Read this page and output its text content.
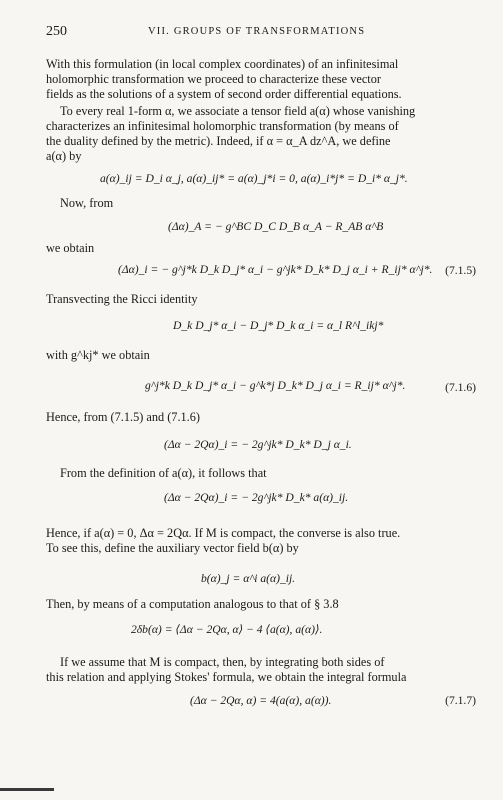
250	VII. GROUPS OF TRANSFORMATIONS
With this formulation (in local complex coordinates) of an infinitesimal
holomorphic transformation we proceed to characterize these vector
fields as the solutions of a system of second order differential equations.
To every real 1-form α, we associate a tensor field a(α) whose vanishing
characterizes an infinitesimal holomorphic transformation (by means of
the duality defined by the metric). Indeed, if α = α_A dz^A, we define
a(α) by
a(α)_ij = D_i α_j, a(α)_ij* = a(α)_j*i = 0, a(α)_i*j* = D_i* α_j*.
Now, from
(Δα)_A = − g^BC D_C D_B α_A − R_AB α^B
we obtain
(Δα)_i = − g^j*k D_k D_j* α_i − g^jk* D_k* D_j α_i + R_ij* α^j*.	(7.1.5)
Transvecting the Ricci identity
D_k D_j* α_i − D_j* D_k α_i = α_l R^l_ikj*
with g^kj* we obtain
g^j*k D_k D_j* α_i − g^k*j D_k* D_j α_i = R_ij* α^j*.	(7.1.6)
Hence, from (7.1.5) and (7.1.6)
(Δα − 2Qα)_i = − 2g^jk* D_k* D_j α_i.
From the definition of a(α), it follows that
(Δα − 2Qα)_i = − 2g^jk* D_k* a(α)_ij.
Hence, if a(α) = 0, Δα = 2Qα. If M is compact, the converse is also true.
To see this, define the auxiliary vector field b(α) by
b(α)_j = α^i a(α)_ij.
Then, by means of a computation analogous to that of § 3.8
2δb(α) = ⟨Δα − 2Qα, α⟩ − 4 ⟨a(α), a(α)⟩.
If we assume that M is compact, then, by integrating both sides of
this relation and applying Stokes' formula, we obtain the integral formula
(Δα − 2Qα, α) = 4(a(α), a(α)).	(7.1.7)
